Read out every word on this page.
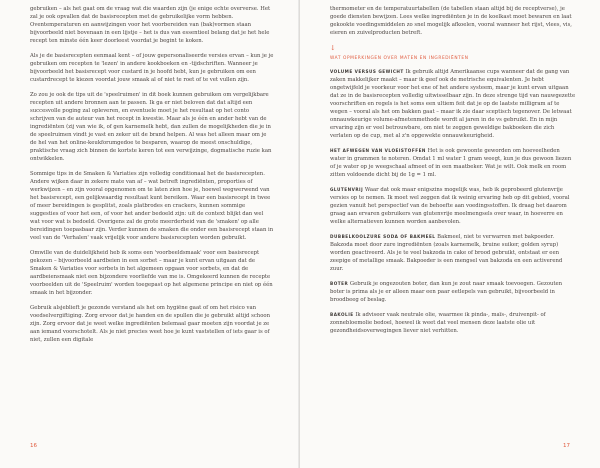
gebruiken – als het gaat om de vraag wat die waarden zijn (je enige echte oververse. Het zal je ook opvallen dat de basisrecepten met de gebruikelijke vorm hebben. Oventemperaturen en aanwijzingen voor het voorbereiden van (bak)vormen staan bijvoorbeeld niet bovenaan in een lijstje – het is dus van essentieel belang dat je het hele recept ten minste één keer doorleest voordat je begint te koken.

Als je de basisrecepten eenmaal kent – of jouw gepersonaliseerde versies ervan – kun je je gebruiken om recepten te 'lezen' in andere kookboeken en -tijdschriften. Wanneer je bijvoorbeeld het basisrecept voor custard in je hoofd hebt, kun je gebruiken om een custardrecept te kiezen voordat jouw smaak al of niet te roet of te vet vullen zijn.

Zo zou je ook de tips uit de 'speelruimen' in dit boek kunnen gebruiken om vergelijkbare recepten uit andere bronnen aan te passen. Ik ga er niet beloven dat dat altijd een succesvolle poging zal opleveren, en eventuele moet je het resultaat op het conto schrijven van de auteur van het recept in kwestie. Maar als je één en ander hebt van de ingrediënten (zij van wie ik, of gen karnemelk hebt, dan zullen de mogelijkheden die je in de speelruimen vindt je vast en zeker uit de brand helpen. Al was het alleen maar om je de hel van het online-keukforumgedoe te besparen, waarop de meest onschuldige, praktische vraag zich binnen de kortste keren tot een verwijzinge, dogmatische ruzie kan ontwikkelen.

Sommige tips in de Smaken & Variaties zijn volledig conditionaal het de basisrecepten. Andere wijken daar in zekere mate van af – wat betreft ingrediënten, proporties of werkwijzen – en zijn vooral opgenomen om te laten zien hoe je, hoewel wegwerwend van het basisrecept, een gelijkwaardig resultaat kunt bereiken. Waar een basisrecept in twee of meer bereidingen is gesplitst, zoals platbrodes en crackers, kunnen sommige suggesties of voor het een, of voor het ander bedoeld zijn: uit de context blijkt dan wel wat voor wat is bedoeld. Overigens zal de grote meerderheid van de 'smaken' op alle bereidingen toepasbaar zijn. Verder kunnen de smaken die onder een basisrecept staan in veel van de 'Verhalen' vaak vrijelijk voor andere basisrecepten worden gebruikt.

Omwille van de duidelijkheid heb ik soms een 'voorbeeldsmaak' voor een basisrecept gekozen – bijvoorbeeld aardbeien in een sorbet – maar je kunt ervan uitgaan dat de Smaken & Variaties voor sorbets in het algemeen opgaan voor sorbets, en dat de aardbeiensmaak niet een bijzondere voorliefde van me is. Omgekeerd kunnen de recepte voorbeelden uit de 'Speelruim' worden toegepast op het algemene principe en niet op één smaak in het bijzonder.

Gebruik alsjeblieft je gezonde verstand als het om hygiëne gaat of om het risico van voedselvergiftiging. Zorg ervoor dat je handen en de spullen die je gebruikt altijd schoon zijn. Zorg ervoor dat je weet welke ingrediënten belemaal gaar moeten zijn voordat je ze aan iemand voorschotelt. Als je niet precies weet hoe je kunt vaststellen of iets gaar is of niet, zullen een digitale

16

thermometer en de temperatuurtabellen (de tabellen staan altijd bij de receptverse), je goede diensten bewijzen. Lees welke ingrediënten je in de koelkast moet bewaren en laat gekookte voedingsmiddelen zo snel mogelijk afkoelen, vooral wanneer het rijst, vlees, vis, eieren en zuivelproducten betreft.

↓

WAT OPMERKINGEN OVER MATEN EN INGREDIËNTEN

VOLUME VERSUS GEWICHT Ik gebruik altijd Amerikaanse cups wanneer dat de gang van zaken makkelijker maakt – maar ik geef ook de metrische equivalenten. Je hebt ongetwijfeld je voorkeur voor het ene of het andere systeem, maar je kunt ervan uitgaan dat ze in de basisrecepten volledig uitwisselbaar zijn. In deze strenge tijd van nauwgezette voorschriften en regels is het soms een ultiem feit dat je op de laatste milligram af te wegen – vooral als het om bakken gaat – maar ik zie daar sceptisch tegenover. De letwaat onnauwkeurige volume-afmetenmethode wordt al jaren in de vs gebruikt. En in mijn ervaring zijn er veel betrouwbare, om niet te zeggen geweldige bakboeken die zich verlaten op de cup, met al z'n opgewekte onnauwkeurigheid.

HET AFWEGEN VAN VLOEISTOFFEN Het is ook gewoonte geworden om hoeveelheden water in grammen te noteren. Omdat 1 ml water 1 gram weegt, kun je dus gewoon liezen of je water op je weegschaal afmeet of in een maatbeker. Wat je wilt. Ook melk en room zitten voldoende dicht bij de 1g = 1 ml.

GLUTENVRIJ Waar dat ook maar enigszins mogelijk was, heb ik geprobeerd glutenvrije versies op te nemen. Ik moet wel zeggen dat ik weinig ervaring heb op dit gebied, vooral gezien vanuit het perspectief van de behoefte aan voedingsstoffen. Ik draag het daarom graag aan ervaren gebruikers van glutenvrije meelmengsels over waar, in hoeverre en welke alternatieven kunnen worden aanbevolen.

DUBBELKOOLZURE SODA OF BAKMEEL Bakmeel, niet te verwarren met bakpoeder. Bakzoda moet door zure ingrediënten (zoals karnemelk, bruine suiker, golden syrup) worden geactiveerd. Als je te veel bakzoda in cake of brood gebruikt, ontstaat er een zeepige of metallige smaak. Bakpoeder is een mengsel van bakzoda en een activerend zuur.

BOTER Gebruik je ongezouten boter, dan kun je zout naar smaak toevoegen. Gezouten boter is prima als je er alleen maar een paar eetlepels van gebruikt, bijvoorbeeld in broodbeeg of beslag.

BAKOLIE Ik adviseer vaak neutrale olie, waarmee ik pinda-, maïs-, druivenpit- of zonnebloemolie bedoel, hoewel ik weet dat veel mensen deze laatste olie uit gezondheidsoverwegingen liever niet verhitten.

17
